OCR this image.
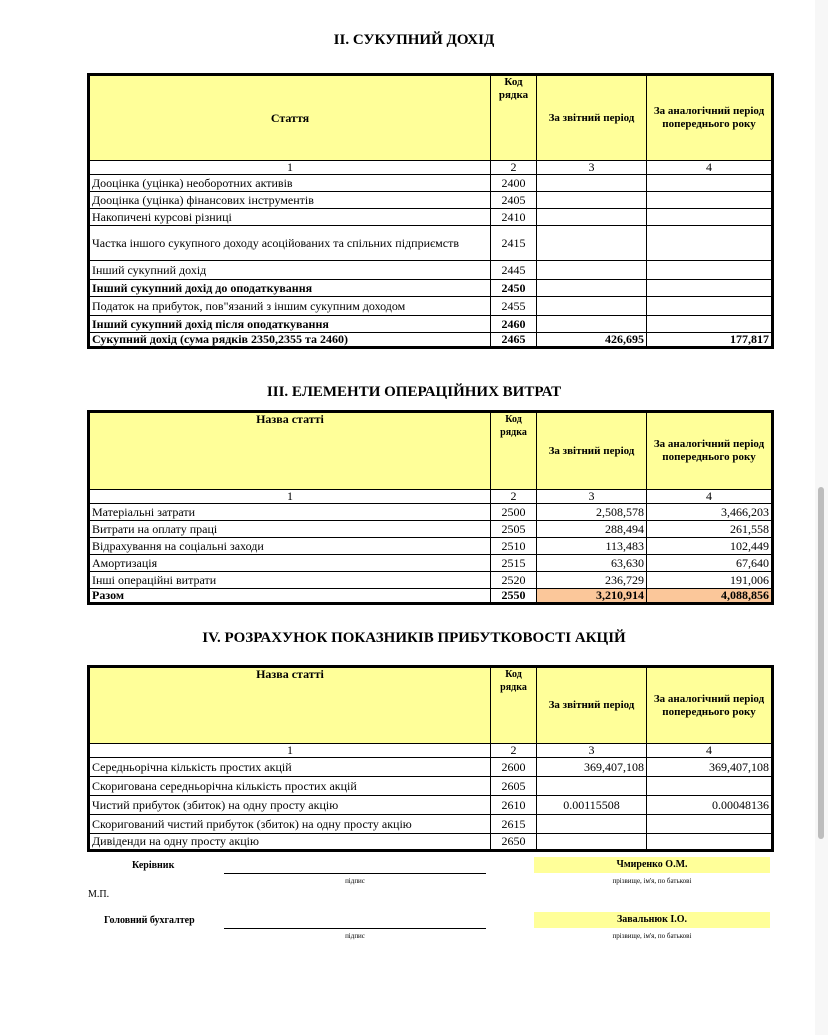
II. СУКУПНИЙ ДОХІД
Стаття	Код рядка	За звітний період	За аналогічний період попереднього року
1	2	3	4
Дооцінка (уцінка) необоротних активів	2400		
Дооцінка (уцінка) фінансових інструментів	2405		
Накопичені курсові різниці	2410		
Частка іншого сукупного доходу асоційованих та спільних підприємств	2415		
Інший сукупний дохід	2445		
Інший сукупний дохід до оподаткування	2450		
Податок на прибуток, пов"язаний з іншим сукупним доходом	2455		
Інший сукупний дохід після оподаткування	2460		
Сукупний дохід (сума рядків 2350,2355 та 2460)	2465	426,695	177,817
III. ЕЛЕМЕНТИ ОПЕРАЦІЙНИХ ВИТРАТ
Назва статті	Код рядка	За звітний період	За аналогічний період попереднього року
1	2	3	4
Матеріальні затрати	2500	2,508,578	3,466,203
Витрати на оплату праці	2505	288,494	261,558
Відрахування на соціальні заходи	2510	113,483	102,449
Амортизація	2515	63,630	67,640
Інші операційні витрати	2520	236,729	191,006
Разом	2550	3,210,914	4,088,856
IV. РОЗРАХУНОК ПОКАЗНИКІВ ПРИБУТКОВОСТІ АКЦІЙ
Назва статті	Код рядка	За звітний період	За аналогічний період попереднього року
1	2	3	4
Середньорічна кількість простих акцій	2600	369,407,108	369,407,108
Скоригована середньорічна кількість простих акцій	2605		
Чистий прибуток (збиток) на одну просту акцію	2610	0.00115508	0.00048136
Скоригований чистий прибуток (збиток) на одну просту акцію	2615		
Дивіденди на одну просту акцію	2650		
Керівник
підпис
Чмиренко О.М.
прізвище, ім'я, по батькові
М.П.
Головний бухгалтер
підпис
Завальнюк І.О.
прізвище, ім'я, по батькові
